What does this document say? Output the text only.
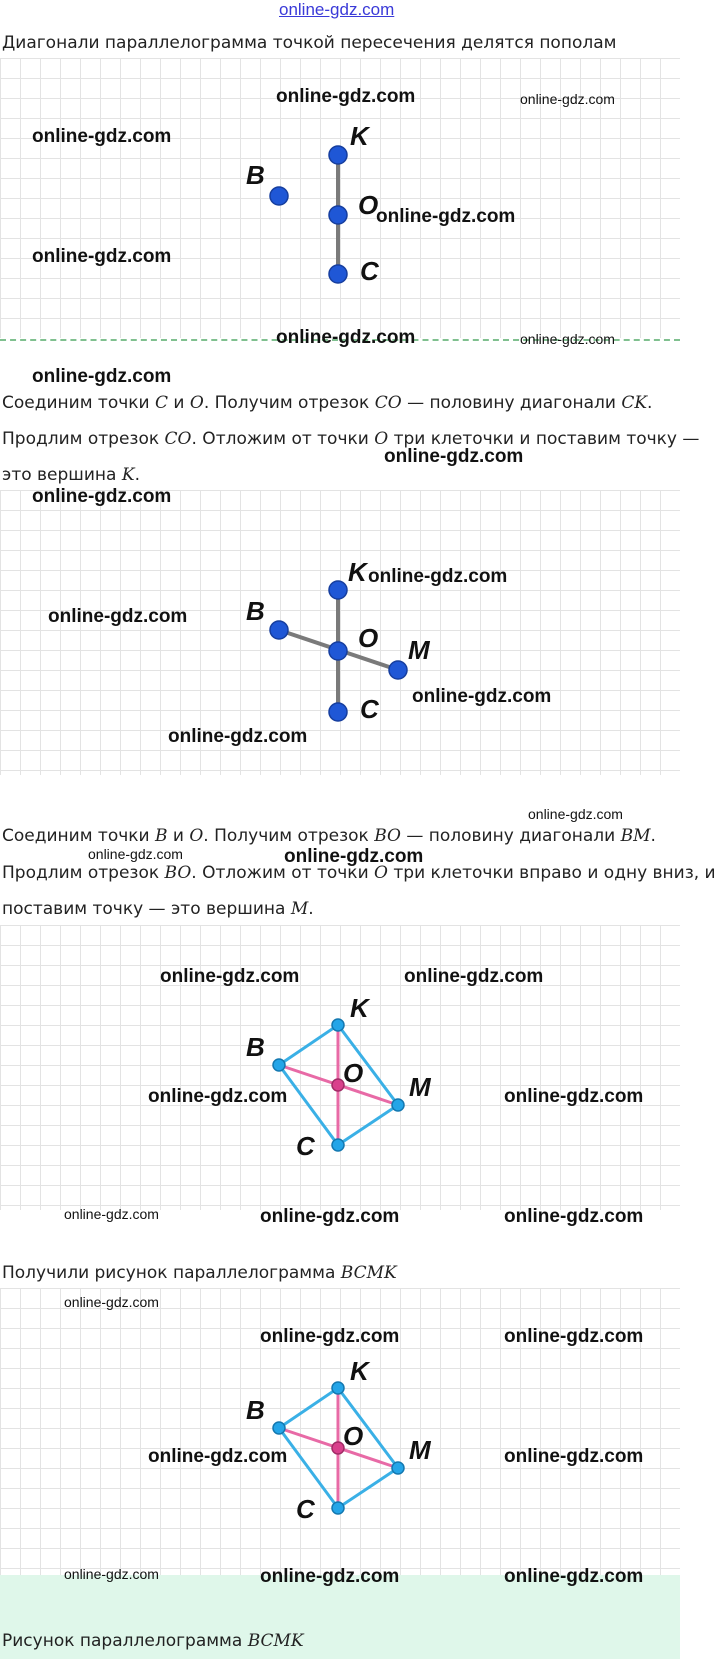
online-gdz.com
Диагонали параллелограмма точкой пересечения делятся пополам
B
K
O
C
Соединим точки C и O. Получим отрезок CO — половину диагонали CK.
Продлим отрезок CO. Отложим от точки O три клеточки и поставим точку —
это вершина K.
B
K
O M
C
Соединим точки B и O. Получим отрезок BO — половину диагонали BM.
Продлим отрезок BO. Отложим от точки O три клеточки вправо и одну вниз, и
поставим точку — это вершина M.
B
K
O M
C
Получили рисунок параллелограмма BCMK
B
K
O M
C
Рисунок параллелограмма BCMK
online-gdz.com	online-gdz.com
online-gdz.com
online-gdz.com
online-gdz.com
online-gdz.com	online-gdz.com
online-gdz.com
online-gdz.com
online-gdz.com
online-gdz.com
online-gdz.com
online-gdz.com
online-gdz.com
online-gdz.com
online-gdz.com	online-gdz.com
online-gdz.com	online-gdz.com
online-gdz.com	online-gdz.com
online-gdz.com	online-gdz.com	online-gdz.com
online-gdz.com
online-gdz.com	online-gdz.com
online-gdz.com	online-gdz.com
online-gdz.com	online-gdz.com	online-gdz.com
